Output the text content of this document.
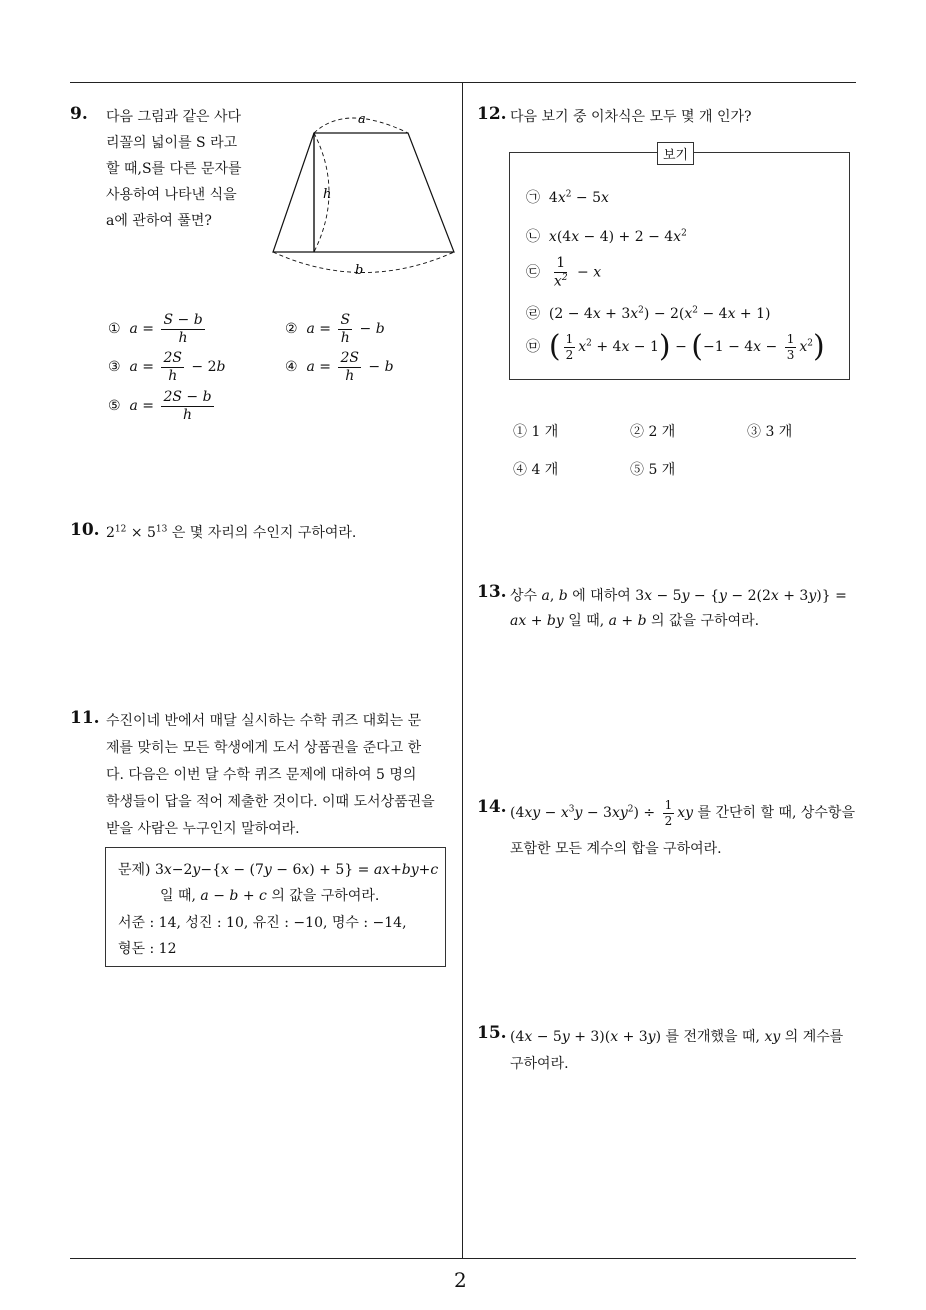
9. 다음 그림과 같은 사다
리꼴의 넓이를 S 라고
할 때,S를 다른 문자를
사용하여 나타낸 식을
a에 관하여 풀면?
a
h
b
① $a = \frac{S - b}{h}$	② $a = \frac{S}{h} - b$
③ $a = \frac{2S}{h} - 2b$	④ $a = \frac{2S}{h} - b$
⑤ $a = \frac{2S - b}{h}$
10. $2^{12} \times 5^{13}$ 은 몇 자리의 수인지 구하여라.
11. 수진이네 반에서 매달 실시하는 수학 퀴즈 대회는 문
제를 맞히는 모든 학생에게 도서 상품권을 준다고 한
다. 다음은 이번 달 수학 퀴즈 문제에 대하여 5 명의
학생들이 답을 적어 제출한 것이다. 이때 도서상품권을
받을 사람은 누구인지 말하여라.
문제) 3x−2y−{x − (7y − 6x) + 5} = ax+by+c
일 때, a − b + c 의 값을 구하여라.
서준 : 14, 성진 : 10, 유진 : −10, 명수 : −14,
형돈 : 12
12. 다음 보기 중 이차식은 모두 몇 개 인가?
보기
㉠  $4x^2 - 5x$
㉡ $x(4x - 4) + 2 - 4x^2$
㉢ $\frac{1}{x^2} - x$
㉣  $(2 - 4x + 3x^2) - 2(x^2 - 4x + 1)$
㉤ ( $\frac{1}{2} x^2 + 4x - 1) - (-1 - 4x - \frac{1}{3} x^2)$
① 1 개	② 2 개	③ 3 개
④ 4 개	⑤ 5 개
13. 상수 a, b 에 대하여 3x − 5y − {y − 2(2x + 3y)} =
ax + by 일 때, a + b 의 값을 구하여라.
14. $(4xy - x^3y - 3xy^2) \div \frac{1}{2}$ xy 를 간단히 할 때, 상수항을
포함한 모든 계수의 합을 구하여라.
15. (4x − 5y + 3)(x + 3y) 를 전개했을 때, xy 의 계수를
구하여라.
2
